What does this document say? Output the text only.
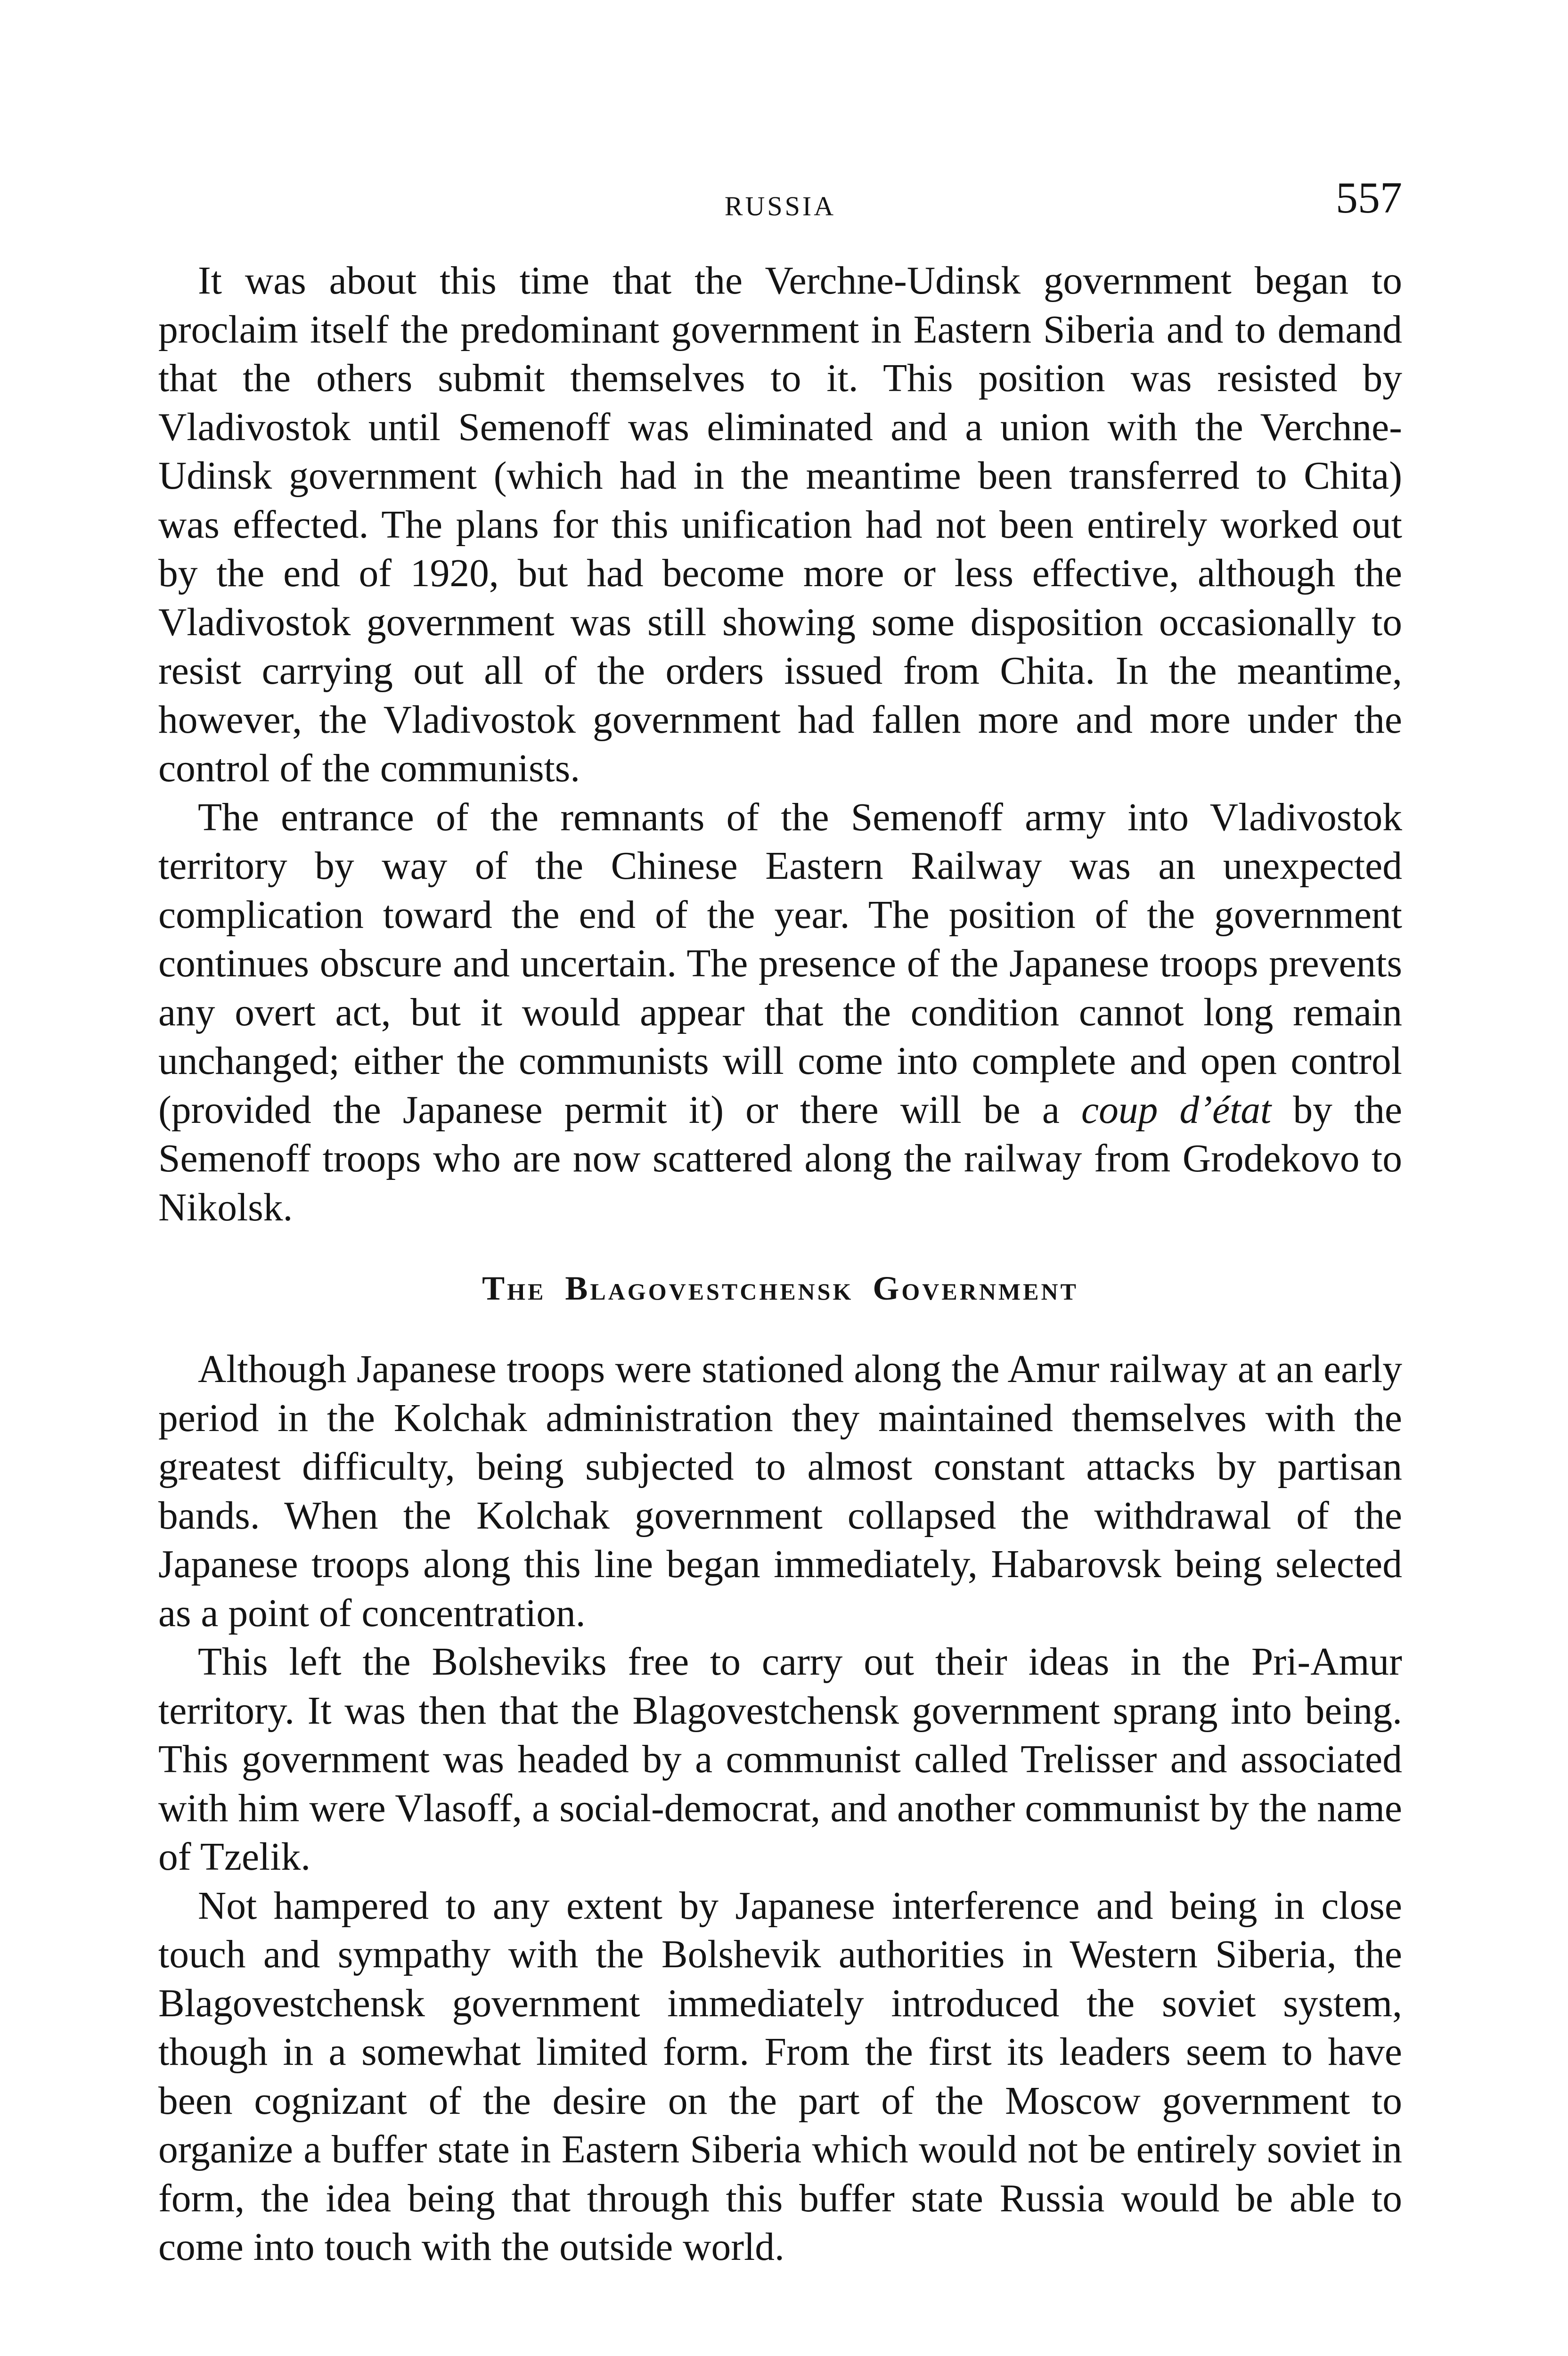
RUSSIA	557

It was about this time that the Verchne-Udinsk government began to proclaim itself the predominant government in Eastern Siberia and to demand that the others submit themselves to it. This position was resisted by Vladivostok until Semenoff was eliminated and a union with the Verchne-Udinsk government (which had in the meantime been transferred to Chita) was effected. The plans for this unification had not been entirely worked out by the end of 1920, but had become more or less effective, although the Vladivostok government was still showing some disposition occasionally to resist carrying out all of the orders issued from Chita. In the meantime, however, the Vladivostok government had fallen more and more under the control of the communists.

The entrance of the remnants of the Semenoff army into Vladivostok territory by way of the Chinese Eastern Railway was an unexpected complication toward the end of the year. The position of the government continues obscure and uncertain. The presence of the Japanese troops prevents any overt act, but it would appear that the condition cannot long remain unchanged; either the communists will come into complete and open control (provided the Japanese permit it) or there will be a coup d’état by the Semenoff troops who are now scattered along the railway from Grodekovo to Nikolsk.

The Blagovestchensk Government

Although Japanese troops were stationed along the Amur railway at an early period in the Kolchak administration they maintained themselves with the greatest difficulty, being subjected to almost constant attacks by partisan bands. When the Kolchak government collapsed the withdrawal of the Japanese troops along this line began immediately, Habarovsk being selected as a point of concentration.

This left the Bolsheviks free to carry out their ideas in the Pri-Amur territory. It was then that the Blagovestchensk government sprang into being. This government was headed by a communist called Trelisser and associated with him were Vlasoff, a social-democrat, and another communist by the name of Tzelik.

Not hampered to any extent by Japanese interference and being in close touch and sympathy with the Bolshevik authorities in Western Siberia, the Blagovestchensk government immediately introduced the soviet system, though in a somewhat limited form. From the first its leaders seem to have been cognizant of the desire on the part of the Moscow government to organize a buffer state in Eastern Siberia which would not be entirely soviet in form, the idea being that through this buffer state Russia would be able to come into touch with the outside world.
